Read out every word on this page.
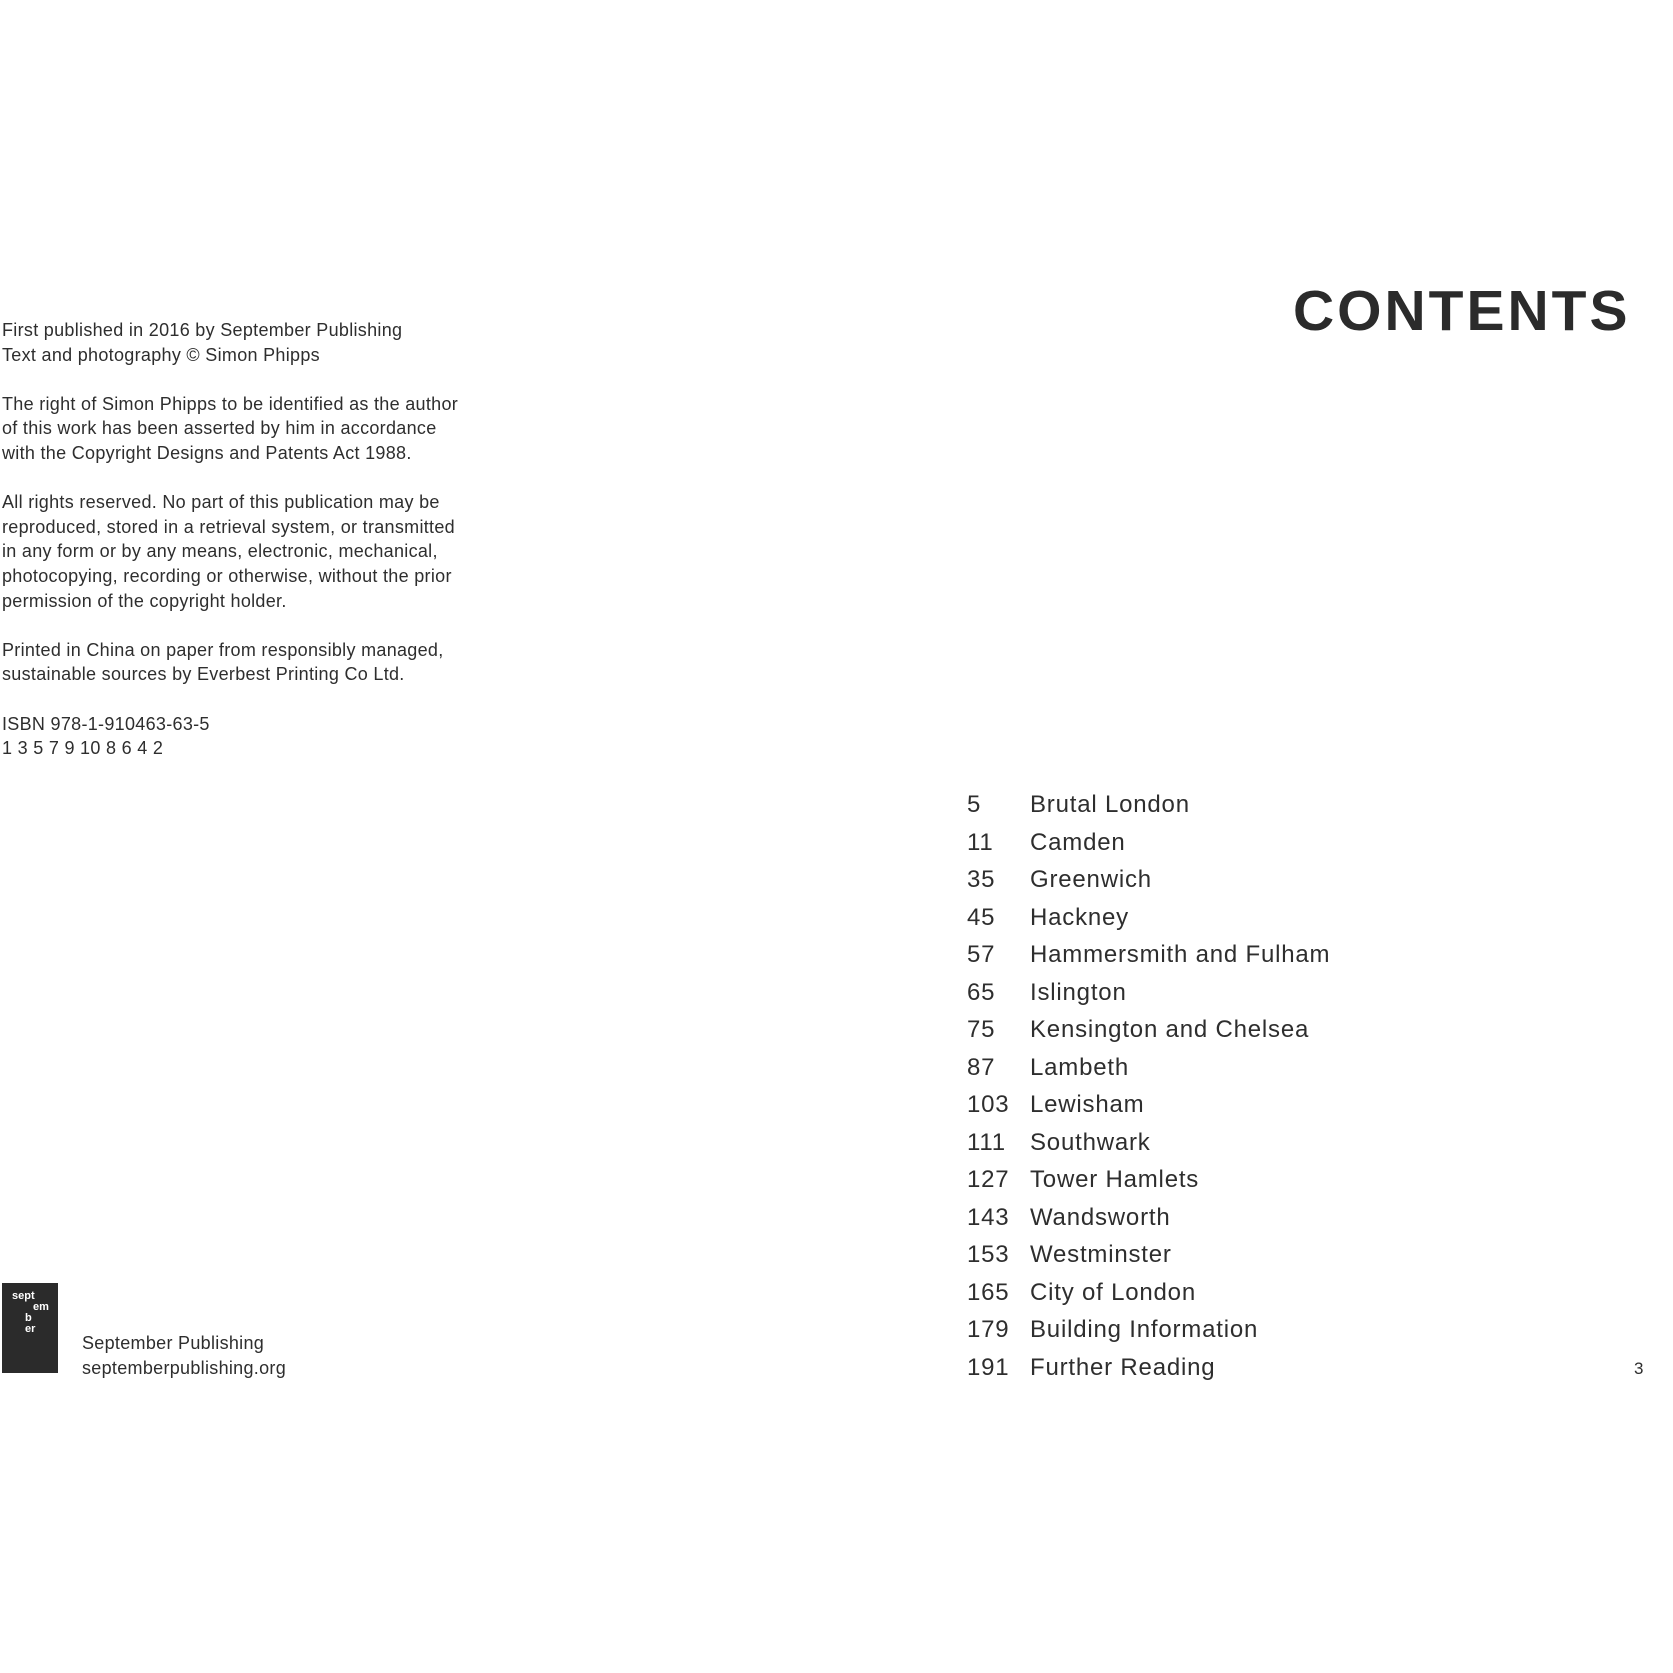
First published in 2016 by September Publishing
Text and photography © Simon Phipps

The right of Simon Phipps to be identified as the author
of this work has been asserted by him in accordance
with the Copyright Designs and Patents Act 1988.

All rights reserved. No part of this publication may be
reproduced, stored in a retrieval system, or transmitted
in any form or by any means, electronic, mechanical,
photocopying, recording or otherwise, without the prior
permission of the copyright holder.

Printed in China on paper from responsibly managed,
sustainable sources by Everbest Printing Co Ltd.

ISBN 978-1-910463-63-5
1 3 5 7 9 10 8 6 4 2

sept
em
b
er
September Publishing
septemberpublishing.org
CONTENTS
5 Brutal London
11 Camden
35 Greenwich
45 Hackney
57 Hammersmith and Fulham
65 Islington
75 Kensington and Chelsea
87 Lambeth
103 Lewisham
111 Southwark
127 Tower Hamlets
143 Wandsworth
153 Westminster
165 City of London
179 Building Information
191 Further Reading	3
